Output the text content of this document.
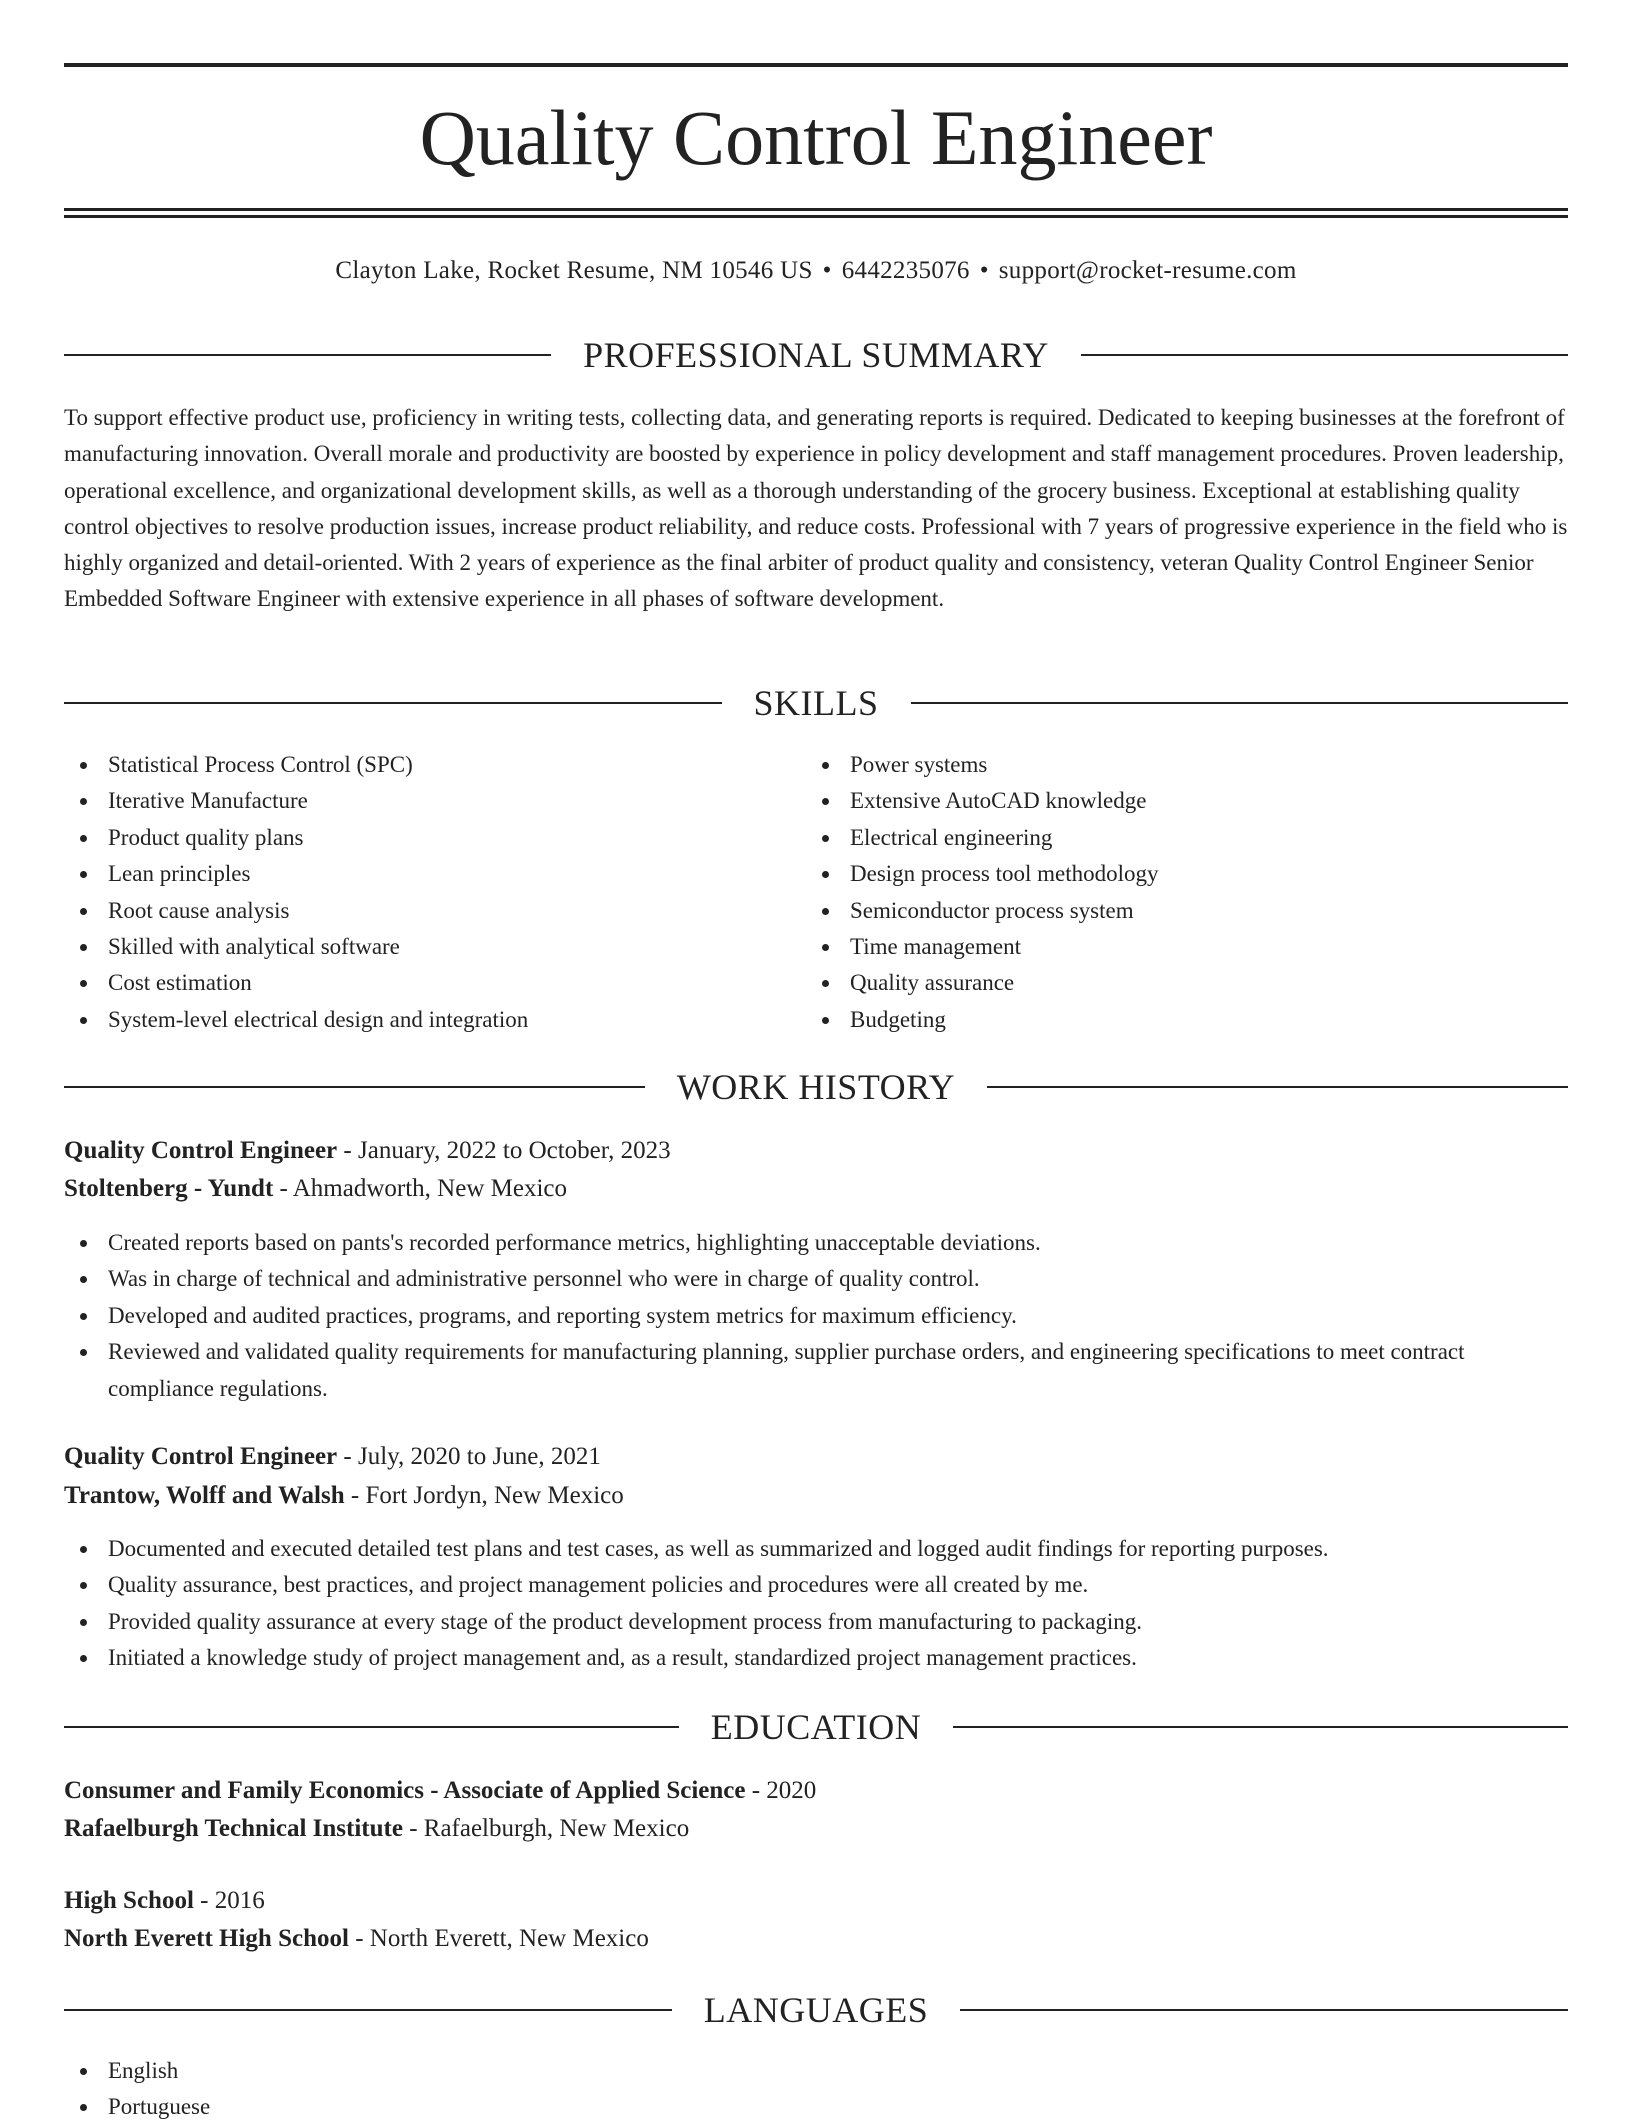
Quality Control Engineer
Clayton Lake, Rocket Resume, NM 10546 US • 6442235076 • support@rocket-resume.com
PROFESSIONAL SUMMARY

To support effective product use, proficiency in writing tests, collecting data, and generating reports is required. Dedicated to keeping businesses at the forefront of manufacturing innovation. Overall morale and productivity are boosted by experience in policy development and staff management procedures. Proven leadership, operational excellence, and organizational development skills, as well as a thorough understanding of the grocery business. Exceptional at establishing quality control objectives to resolve production issues, increase product reliability, and reduce costs. Professional with 7 years of progressive experience in the field who is highly organized and detail-oriented. With 2 years of experience as the final arbiter of product quality and consistency, veteran Quality Control Engineer Senior Embedded Software Engineer with extensive experience in all phases of software development.

SKILLS
Statistical Process Control (SPC)
Iterative Manufacture
Product quality plans
Lean principles
Root cause analysis
Skilled with analytical software
Cost estimation
System-level electrical design and integration
Power systems
Extensive AutoCAD knowledge
Electrical engineering
Design process tool methodology
Semiconductor process system
Time management
Quality assurance
Budgeting
WORK HISTORY
Quality Control Engineer - January, 2022 to October, 2023
Stoltenberg - Yundt - Ahmadworth, New Mexico
Created reports based on pants's recorded performance metrics, highlighting unacceptable deviations.
Was in charge of technical and administrative personnel who were in charge of quality control.
Developed and audited practices, programs, and reporting system metrics for maximum efficiency.
Reviewed and validated quality requirements for manufacturing planning, supplier purchase orders, and engineering specifications to meet contract compliance regulations.
Quality Control Engineer - July, 2020 to June, 2021
Trantow, Wolff and Walsh - Fort Jordyn, New Mexico
Documented and executed detailed test plans and test cases, as well as summarized and logged audit findings for reporting purposes.
Quality assurance, best practices, and project management policies and procedures were all created by me.
Provided quality assurance at every stage of the product development process from manufacturing to packaging.
Initiated a knowledge study of project management and, as a result, standardized project management practices.
EDUCATION
Consumer and Family Economics - Associate of Applied Science - 2020
Rafaelburgh Technical Institute - Rafaelburgh, New Mexico
High School - 2016
North Everett High School - North Everett, New Mexico
LANGUAGES
English
Portuguese
